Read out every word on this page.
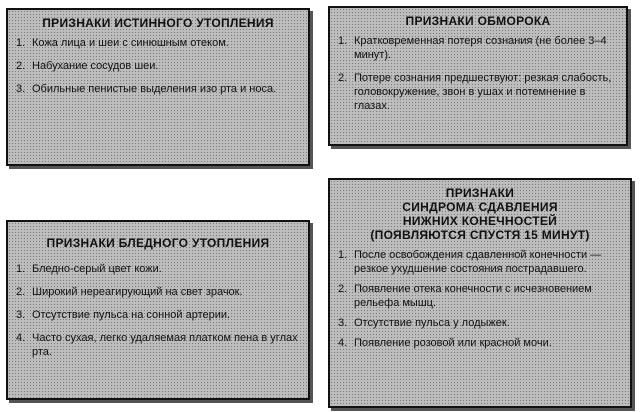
ПРИЗНАКИ ИСТИННОГО УТОПЛЕНИЯ
1. Кожа лица и шеи с синюшным отеком.
2. Набухание сосудов шеи.
3. Обильные пенистые выделения изо рта и носа.
ПРИЗНАКИ ОБМОРОКА
1. Кратковременная потеря сознания (не более 3–4 минут).
2. Потере сознания предшествуют: резкая слабость, головокружение, звон в ушах и потемнение в глазах.
ПРИЗНАКИ БЛЕДНОГО УТОПЛЕНИЯ
1. Бледно-серый цвет кожи.
2. Широкий нереагирующий на свет зрачок.
3. Отсутствие пульса на сонной артерии.
4. Часто сухая, легко удаляемая платком пена в углах рта.
ПРИЗНАКИ
СИНДРОМА СДАВЛЕНИЯ
НИЖНИХ КОНЕЧНОСТЕЙ
(ПОЯВЛЯЮТСЯ СПУСТЯ 15 МИНУТ)
1. После освобождения сдавленной конечности — резкое ухудшение состояния пострадавшего.
2. Появление отека конечности с исчезновением рельефа мышц.
3. Отсутствие пульса у лодыжек.
4. Появление розовой или красной мочи.
